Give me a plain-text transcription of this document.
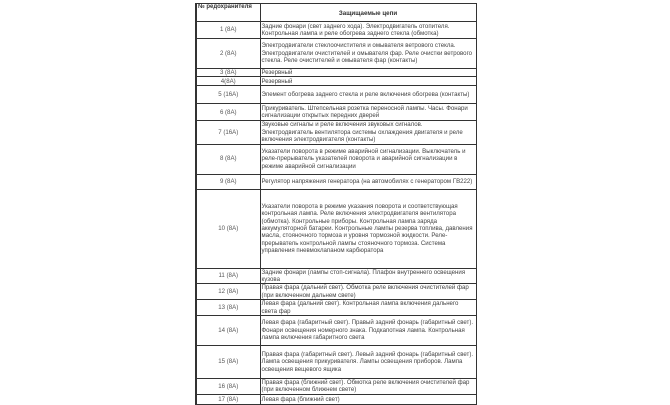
№ редохранителя	Защищаемые цепи
1 (8А)	Задние фонари (свет заднего хода). Электродвигатель отопителя. Контрольная лампа и реле обогрева заднего стекла (обмотка)
2 (8А)	Электродвигатели стеклоочистителя и омывателя ветрового стекла. Электродвигатели очистителей и омывателя фар. Реле очистки ветрового стекла. Реле очистителей и омывателя фар (контакты)
3 (8А)	Резервный
4(8А)	Резервный
5 (16А)	Элемент обогрева заднего стекла и реле включения обогрева (контакты)
6 (8А)	Прикуриватель. Штепсельная розетка переносной лампы. Часы. Фонари сигнализации открытых передних дверей
7 (16А)	Звуковые сигналы и реле включения звуковых сигналов. Электродвигатель вентилятора системы охлаждения двигателя и реле включения электродвигателя (контакты)
8 (8А)	Указатели поворота в режиме аварийной сигнализации. Выключатель и реле-прерыватель указателей поворота и аварийной сигнализации в режиме аварийной сигнализации
9 (8А)	Регулятор напряжения генератора (на автомобилях с генератором ГВ222)
10 (8А)	Указатели поворота в режиме указания поворота и соответствующая контрольная лампа. Реле включения электродвигателя вентилятора (обмотка). Контрольные приборы. Контрольная лампа заряда аккумуляторной батареи. Контрольные лампы резерва топлива, давления масла, стояночного тормоза и уровня тормозной жидкости. Реле-прерыватель контрольной лампы стояночного тормоза. Система управления пневмоклапаном карбюратора
11 (8А)	Задние фонари (лампы стоп-сигнала). Плафон внутреннего освещения кузова
12 (8А)	Правая фара (дальний свет). Обмотка реле включения очистителей фар (при включенном дальнем свете)
13 (8А)	Левая фара (дальний свет). Контрольная лампа включения дальнего света фар
14 (8А)	Левая фара (габаритный свет). Правый задний фонарь (габаритный свет). Фонари освещения номерного знака. Подкапотная лампа. Контрольная лампа включения габаритного света
15 (8А)	Правая фара (габаритный свет). Левый задний фонарь (габаритный свет). Лампа освещения прикуривателя. Лампы освещения приборов. Лампа освещения вещевого ящика
16 (8А)	Правая фара (ближний свет). Обмотка реле включения очистителей фар (при включенном ближнем свете)
17 (8А)	Левая фара (ближний свет)
